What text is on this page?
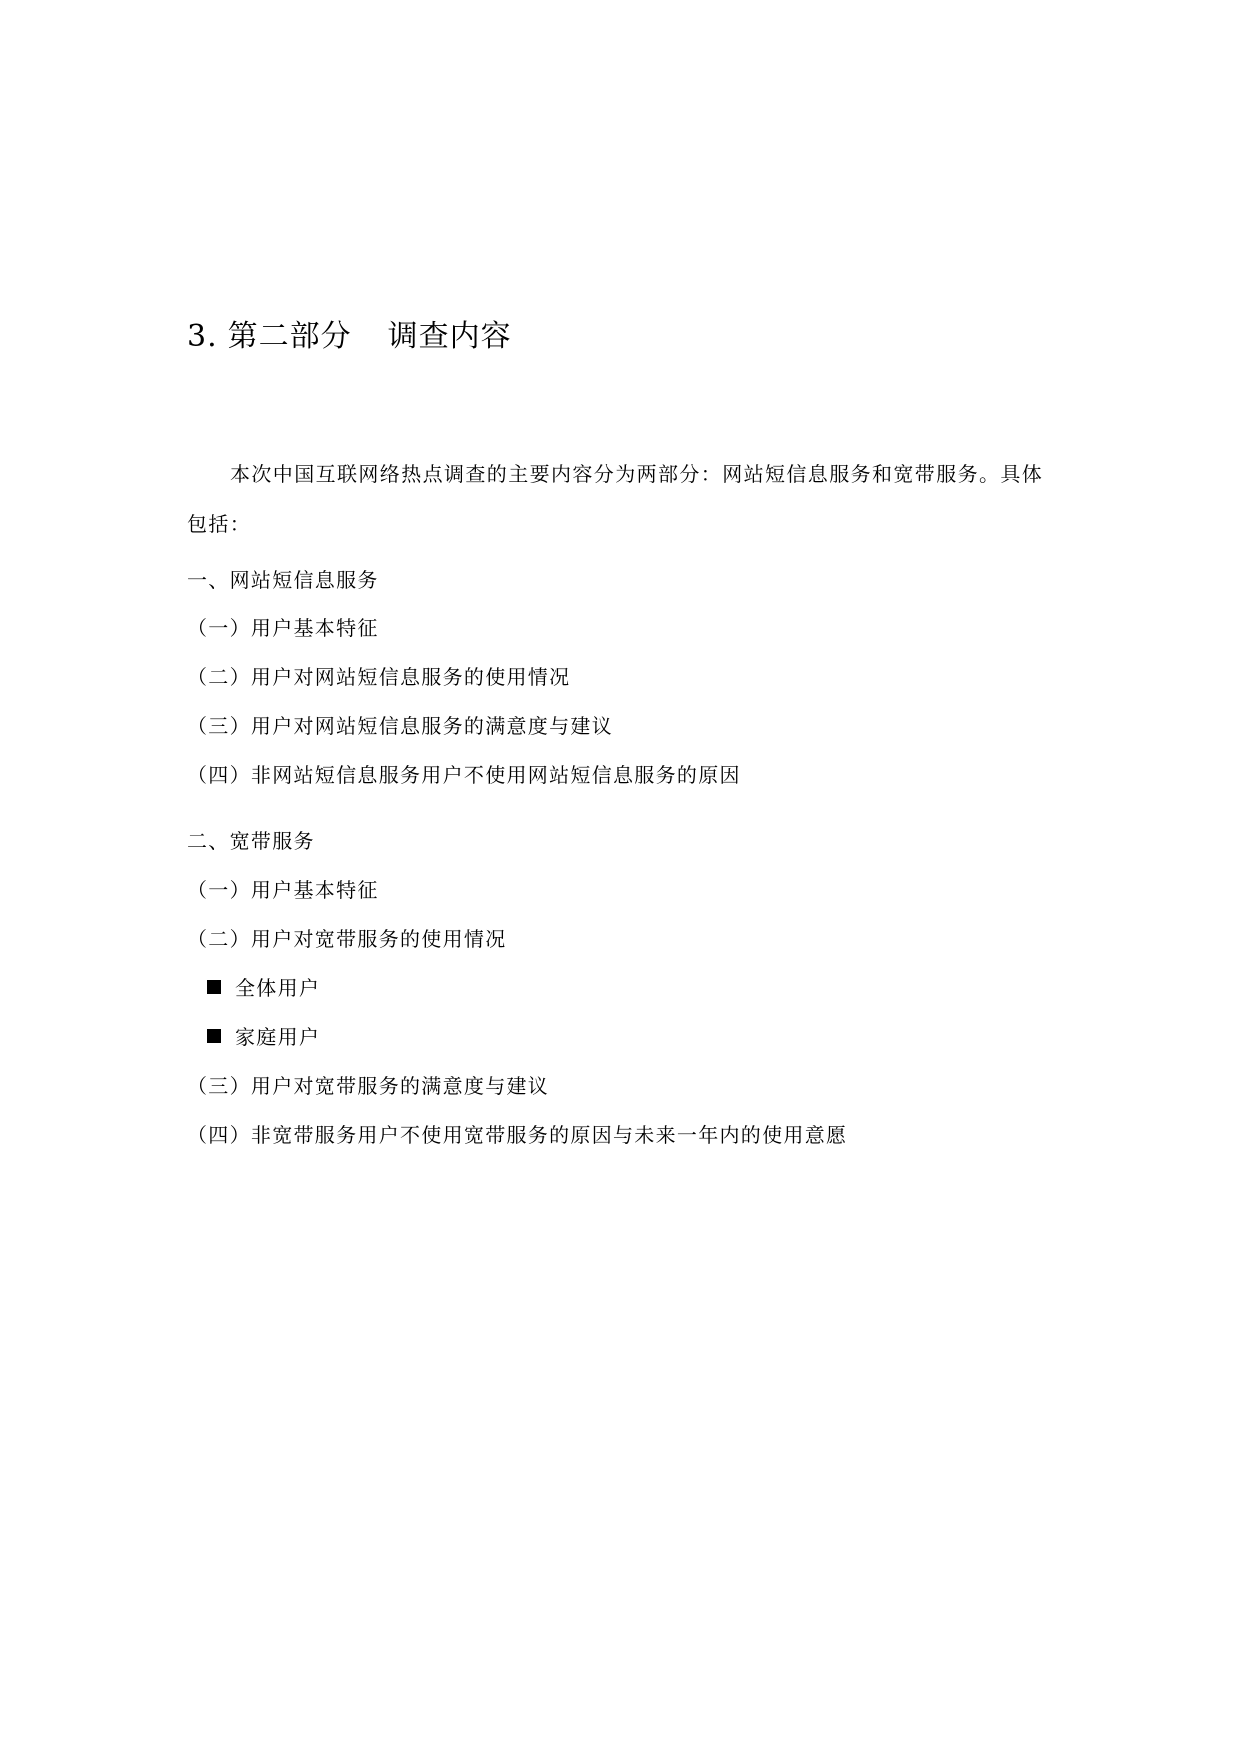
3. 第二部分 调查内容
本次中国互联网络热点调查的主要内容分为两部分：网站短信息服务和宽带服务。具体包括：
一、网站短信息服务
（一）用户基本特征
（二）用户对网站短信息服务的使用情况
（三）用户对网站短信息服务的满意度与建议
（四）非网站短信息服务用户不使用网站短信息服务的原因
二、宽带服务
（一）用户基本特征
（二）用户对宽带服务的使用情况
全体用户
家庭用户
（三）用户对宽带服务的满意度与建议
（四）非宽带服务用户不使用宽带服务的原因与未来一年内的使用意愿
